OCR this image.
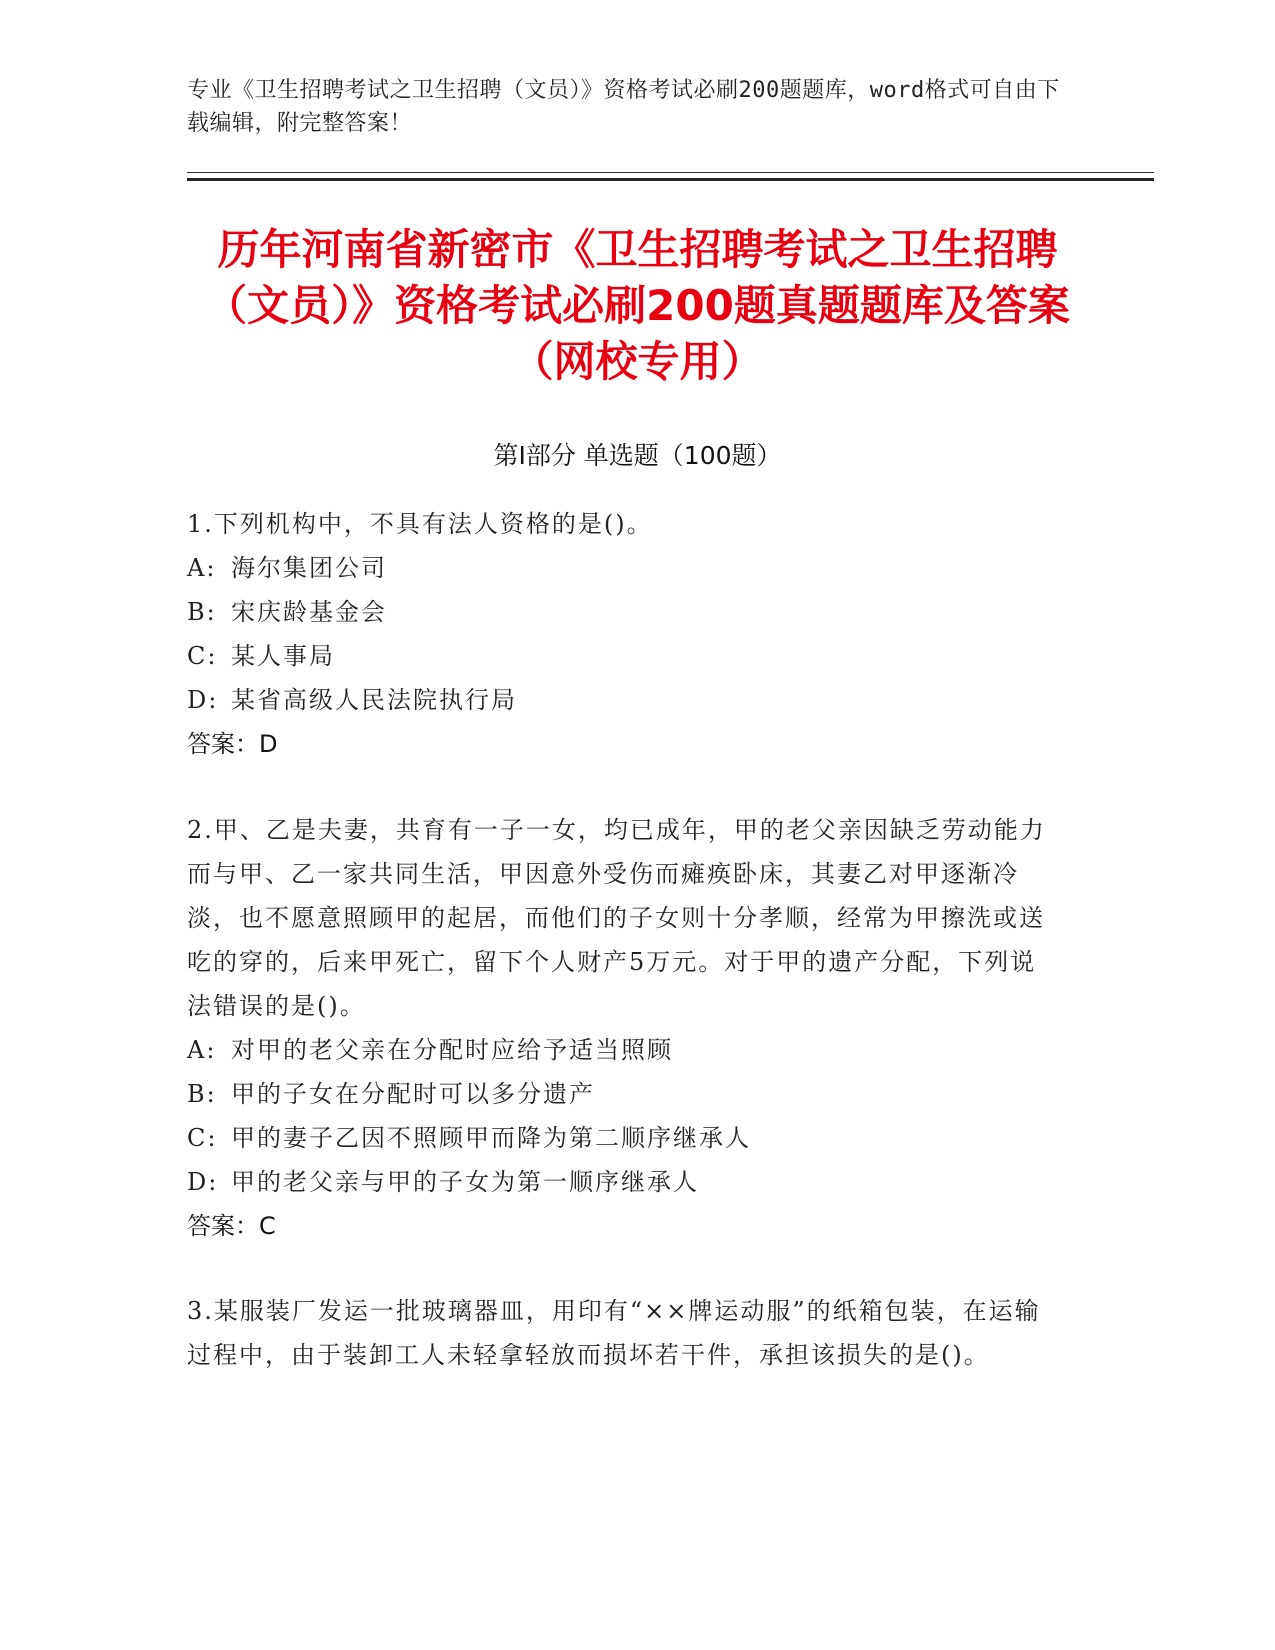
专业《卫生招聘考试之卫生招聘（文员）》资格考试必刷200题题库，word格式可自由下载编辑，附完整答案！
历年河南省新密市《卫生招聘考试之卫生招聘（文员）》资格考试必刷200题真题题库及答案（网校专用）
第Ⅰ部分 单选题（100题）
1.下列机构中，不具有法人资格的是()。
A: 海尔集团公司
B: 宋庆龄基金会
C: 某人事局
D: 某省高级人民法院执行局
答案：D
2.甲、乙是夫妻，共育有一子一女，均已成年，甲的老父亲因缺乏劳动能力而与甲、乙一家共同生活，甲因意外受伤而瘫痪卧床，其妻乙对甲逐渐冷淡，也不愿意照顾甲的起居，而他们的子女则十分孝顺，经常为甲擦洗或送吃的穿的，后来甲死亡，留下个人财产5万元。对于甲的遗产分配，下列说法错误的是()。
A: 对甲的老父亲在分配时应给予适当照顾
B: 甲的子女在分配时可以多分遗产
C: 甲的妻子乙因不照顾甲而降为第二顺序继承人
D: 甲的老父亲与甲的子女为第一顺序继承人
答案：C
3.某服装厂发运一批玻璃器皿，用印有“××牌运动服”的纸箱包装，在运输过程中，由于装卸工人未轻拿轻放而损坏若干件，承担该损失的是()。
